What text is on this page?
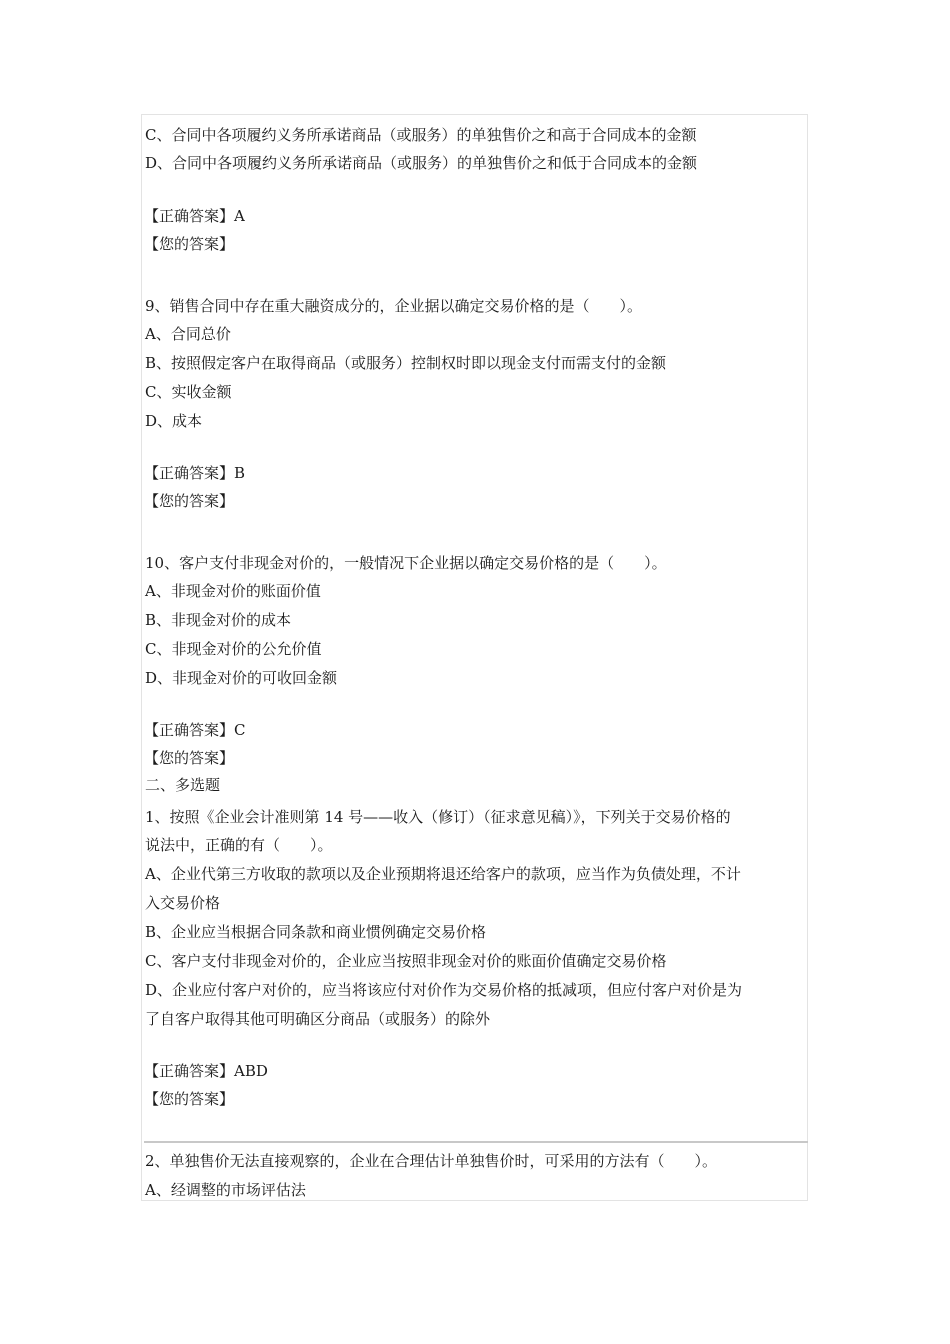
C、合同中各项履约义务所承诺商品（或服务）的单独售价之和高于合同成本的金额

D、合同中各项履约义务所承诺商品（或服务）的单独售价之和低于合同成本的金额

【正确答案】A

【您的答案】

9、销售合同中存在重大融资成分的，企业据以确定交易价格的是（　　）。

A、合同总价

B、按照假定客户在取得商品（或服务）控制权时即以现金支付而需支付的金额

C、实收金额

D、成本

【正确答案】B

【您的答案】

10、客户支付非现金对价的，一般情况下企业据以确定交易价格的是（　　）。

A、非现金对价的账面价值

B、非现金对价的成本

C、非现金对价的公允价值

D、非现金对价的可收回金额

【正确答案】C

【您的答案】

二、多选题

1、按照《企业会计准则第 14 号——收入（修订）（征求意见稿）》，下列关于交易价格的

说法中，正确的有（　　）。

A、企业代第三方收取的款项以及企业预期将退还给客户的款项，应当作为负债处理，不计

入交易价格

B、企业应当根据合同条款和商业惯例确定交易价格

C、客户支付非现金对价的，企业应当按照非现金对价的账面价值确定交易价格

D、企业应付客户对价的，应当将该应付对价作为交易价格的抵减项，但应付客户对价是为

了自客户取得其他可明确区分商品（或服务）的除外

【正确答案】ABD

【您的答案】

2、单独售价无法直接观察的，企业在合理估计单独售价时，可采用的方法有（　　）。

A、经调整的市场评估法
